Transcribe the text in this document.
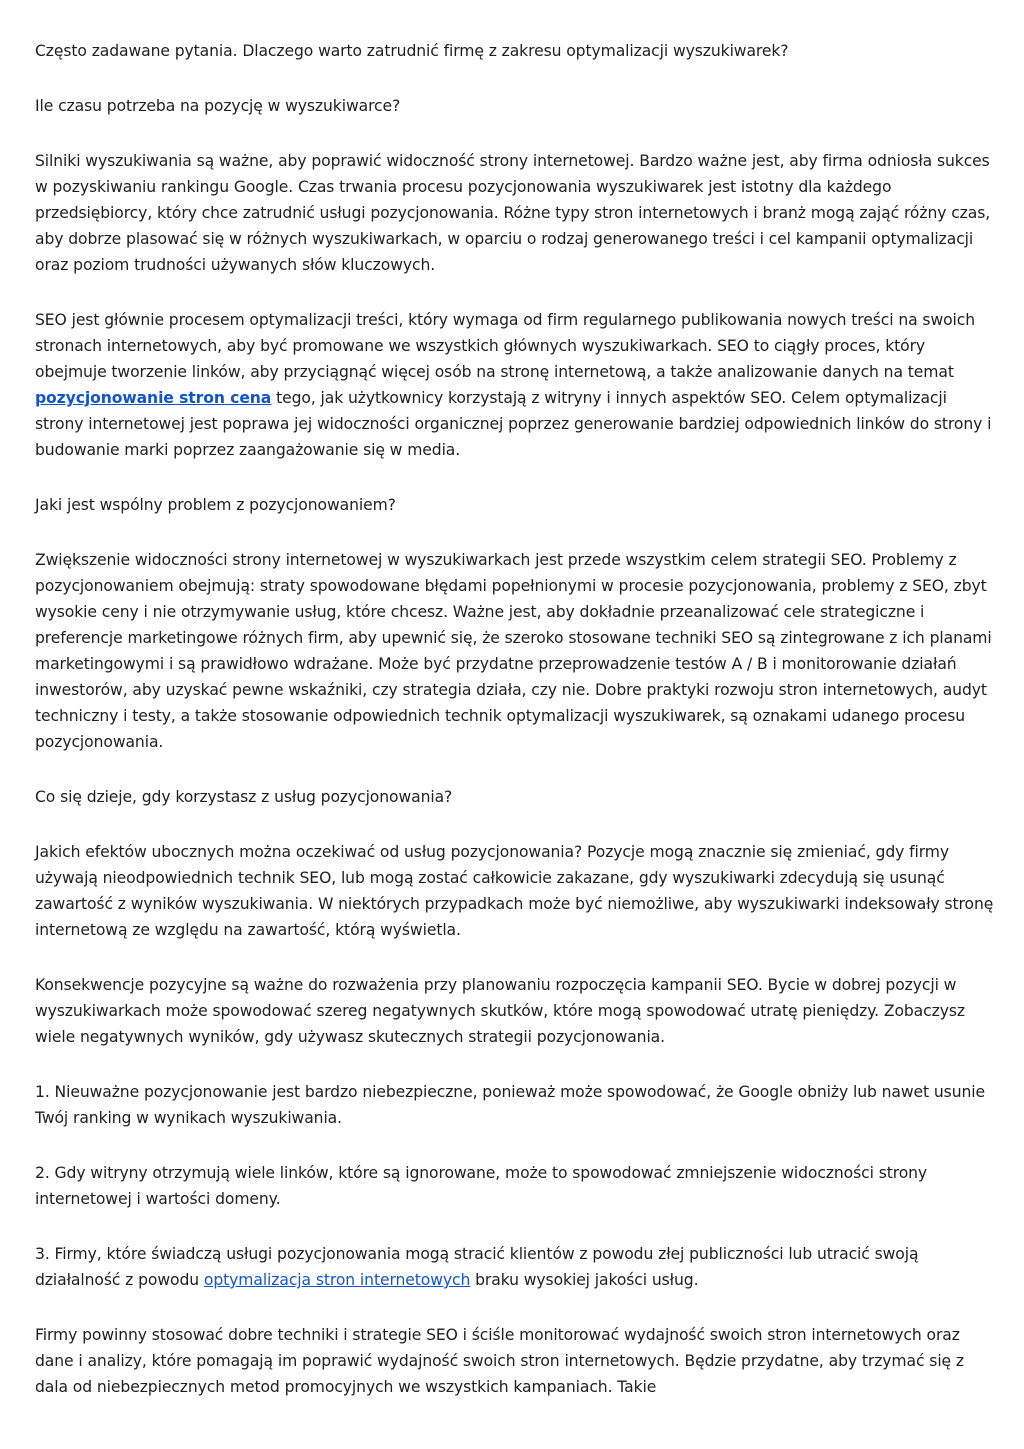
Często zadawane pytania. Dlaczego warto zatrudnić firmę z zakresu optymalizacji wyszukiwarek?

Ile czasu potrzeba na pozycję w wyszukiwarce?

Silniki wyszukiwania są ważne, aby poprawić widoczność strony internetowej. Bardzo ważne jest, aby firma odniosła sukces w pozyskiwaniu rankingu Google. Czas trwania procesu pozycjonowania wyszukiwarek jest istotny dla każdego przedsiębiorcy, który chce zatrudnić usługi pozycjonowania. Różne typy stron internetowych i branż mogą zająć różny czas, aby dobrze plasować się w różnych wyszukiwarkach, w oparciu o rodzaj generowanego treści i cel kampanii optymalizacji oraz poziom trudności używanych słów kluczowych.

SEO jest głównie procesem optymalizacji treści, który wymaga od firm regularnego publikowania nowych treści na swoich stronach internetowych, aby być promowane we wszystkich głównych wyszukiwarkach. SEO to ciągły proces, który obejmuje tworzenie linków, aby przyciągnąć więcej osób na stronę internetową, a także analizowanie danych na temat pozycjonowanie stron cena tego, jak użytkownicy korzystają z witryny i innych aspektów SEO. Celem optymalizacji strony internetowej jest poprawa jej widoczności organicznej poprzez generowanie bardziej odpowiednich linków do strony i budowanie marki poprzez zaangażowanie się w media.

Jaki jest wspólny problem z pozycjonowaniem?

Zwiększenie widoczności strony internetowej w wyszukiwarkach jest przede wszystkim celem strategii SEO. Problemy z pozycjonowaniem obejmują: straty spowodowane błędami popełnionymi w procesie pozycjonowania, problemy z SEO, zbyt wysokie ceny i nie otrzymywanie usług, które chcesz. Ważne jest, aby dokładnie przeanalizować cele strategiczne i preferencje marketingowe różnych firm, aby upewnić się, że szeroko stosowane techniki SEO są zintegrowane z ich planami marketingowymi i są prawidłowo wdrażane. Może być przydatne przeprowadzenie testów A / B i monitorowanie działań inwestorów, aby uzyskać pewne wskaźniki, czy strategia działa, czy nie. Dobre praktyki rozwoju stron internetowych, audyt techniczny i testy, a także stosowanie odpowiednich technik optymalizacji wyszukiwarek, są oznakami udanego procesu pozycjonowania.

Co się dzieje, gdy korzystasz z usług pozycjonowania?

Jakich efektów ubocznych można oczekiwać od usług pozycjonowania? Pozycje mogą znacznie się zmieniać, gdy firmy używają nieodpowiednich technik SEO, lub mogą zostać całkowicie zakazane, gdy wyszukiwarki zdecydują się usunąć zawartość z wyników wyszukiwania. W niektórych przypadkach może być niemożliwe, aby wyszukiwarki indeksowały stronę internetową ze względu na zawartość, którą wyświetla.

Konsekwencje pozycyjne są ważne do rozważenia przy planowaniu rozpoczęcia kampanii SEO. Bycie w dobrej pozycji w wyszukiwarkach może spowodować szereg negatywnych skutków, które mogą spowodować utratę pieniędzy. Zobaczysz wiele negatywnych wyników, gdy używasz skutecznych strategii pozycjonowania.

1. Nieuważne pozycjonowanie jest bardzo niebezpieczne, ponieważ może spowodować, że Google obniży lub nawet usunie Twój ranking w wynikach wyszukiwania.

2. Gdy witryny otrzymują wiele linków, które są ignorowane, może to spowodować zmniejszenie widoczności strony internetowej i wartości domeny.

3. Firmy, które świadczą usługi pozycjonowania mogą stracić klientów z powodu złej publiczności lub utracić swoją działalność z powodu optymalizacja stron internetowych braku wysokiej jakości usług.

Firmy powinny stosować dobre techniki i strategie SEO i ściśle monitorować wydajność swoich stron internetowych oraz dane i analizy, które pomagają im poprawić wydajność swoich stron internetowych. Będzie przydatne, aby trzymać się z dala od niebezpiecznych metod promocyjnych we wszystkich kampaniach. Takie
